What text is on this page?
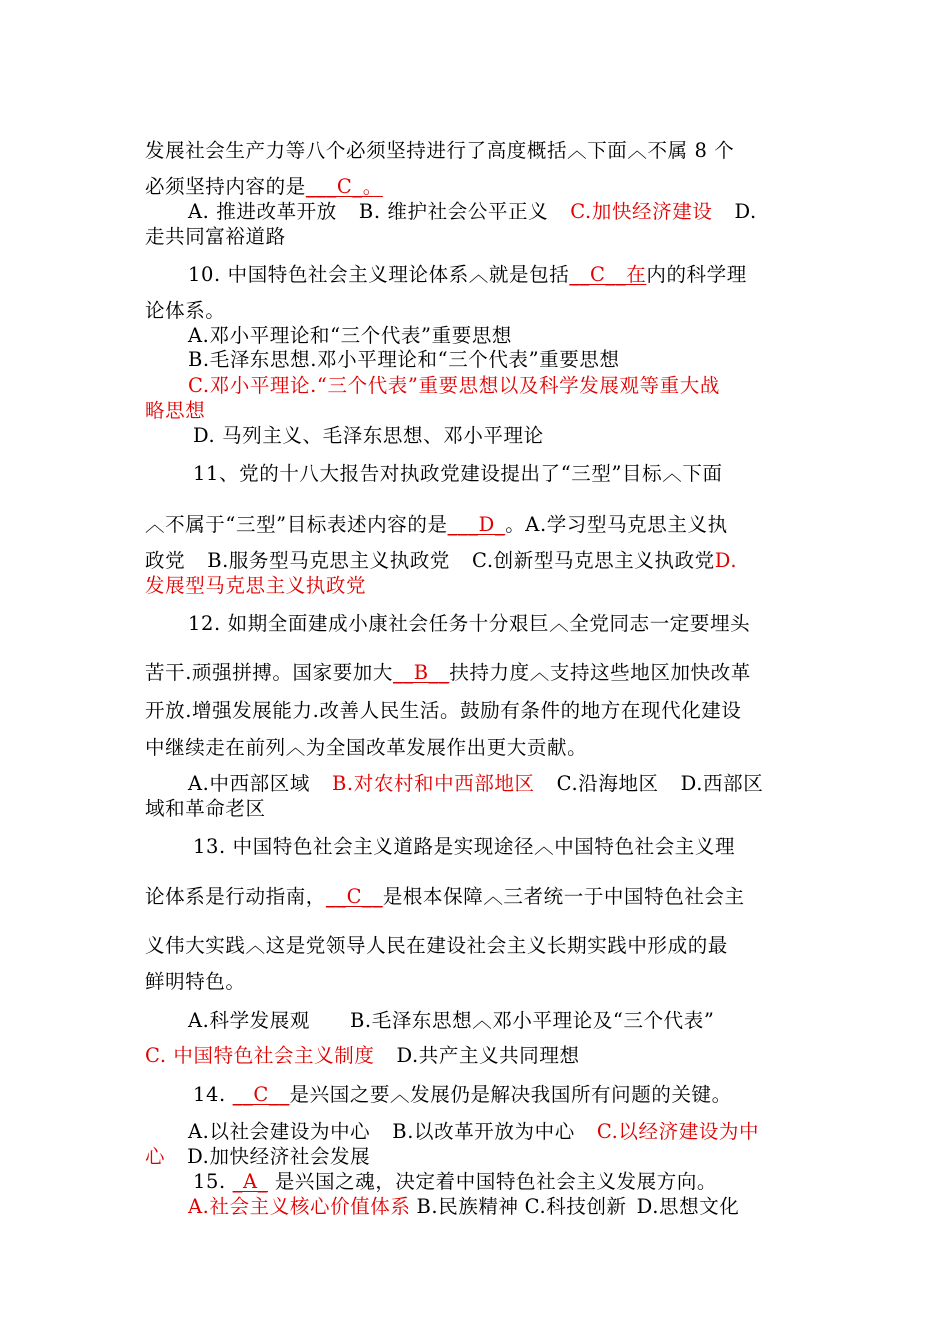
发展社会生产力等八个必须坚持进行了高度概括︿下面︿不属 8 个
必须坚持内容的是___C_。
A. 推进改革开放 B. 维护社会公平正义 C.加快经济建设 D.
走共同富裕道路
10. 中国特色社会主义理论体系︿就是包括__C__在内的科学理
论体系。
A.邓小平理论和“三个代表”重要思想
B.毛泽东思想.邓小平理论和“三个代表”重要思想
C.邓小平理论.“三个代表”重要思想以及科学发展观等重大战
略思想
D. 马列主义、毛泽东思想、邓小平理论
11、党的十八大报告对执政党建设提出了“三型”目标︿下面
︿不属于“三型”目标表述内容的是___D_。A.学习型马克思主义执
政党 B.服务型马克思主义执政党 C.创新型马克思主义执政党D.
发展型马克思主义执政党
12. 如期全面建成小康社会任务十分艰巨︿全党同志一定要埋头
苦干.顽强拼搏。国家要加大__B__扶持力度︿支持这些地区加快改革
开放.增强发展能力.改善人民生活。鼓励有条件的地方在现代化建设
中继续走在前列︿为全国改革发展作出更大贡献。
A.中西部区域 B.对农村和中西部地区 C.沿海地区 D.西部区
域和革命老区
13. 中国特色社会主义道路是实现途径︿中国特色社会主义理
论体系是行动指南，__C__是根本保障︿三者统一于中国特色社会主
义伟大实践︿这是党领导人民在建设社会主义长期实践中形成的最
鲜明特色。
A.科学发展观 B.毛泽东思想︿邓小平理论及“三个代表”
C. 中国特色社会主义制度 D.共产主义共同理想
14. __C__是兴国之要︿发展仍是解决我国所有问题的关键。
A.以社会建设为中心 B.以改革开放为中心 C.以经济建设为中
心 D.加快经济社会发展
15. _A_ 是兴国之魂，决定着中国特色社会主义发展方向。
A.社会主义核心价值体系 B.民族精神 C.科技创新 D.思想文化
